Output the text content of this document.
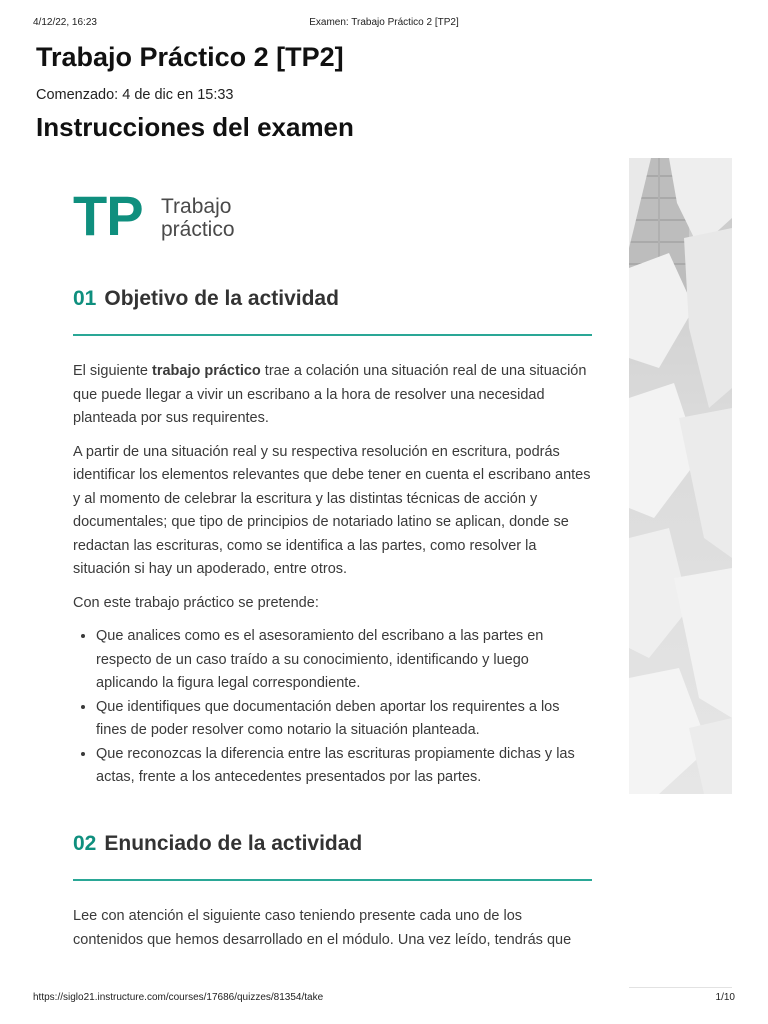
4/12/22, 16:23	Examen: Trabajo Práctico 2 [TP2]
Trabajo Práctico 2 [TP2]
Comenzado: 4 de dic en 15:33
Instrucciones del examen
TP Trabajo
práctico
01 Objetivo de la actividad

El siguiente trabajo práctico trae a colación una situación real de una situación que puede llegar a vivir un escribano a la hora de resolver una necesidad planteada por sus requirentes.

A partir de una situación real y su respectiva resolución en escritura, podrás identificar los elementos relevantes que debe tener en cuenta el escribano antes y al momento de celebrar la escritura y las distintas técnicas de acción y documentales; que tipo de principios de notariado latino se aplican, donde se redactan las escrituras, como se identifica a las partes, como resolver la situación si hay un apoderado, entre otros.

Con este trabajo práctico se pretende:

• Que analices como es el asesoramiento del escribano a las partes en respecto de un caso traído a su conocimiento, identificando y luego aplicando la figura legal correspondiente.
• Que identifiques que documentación deben aportar los requirentes a los fines de poder resolver como notario la situación planteada.
• Que reconozcas la diferencia entre las escrituras propiamente dichas y las actas, frente a los antecedentes presentados por las partes.
02 Enunciado de la actividad

Lee con atención el siguiente caso teniendo presente cada uno de los contenidos que hemos desarrollado en el módulo. Una vez leído, tendrás que

https://siglo21.instructure.com/courses/17686/quizzes/81354/take	1/10
